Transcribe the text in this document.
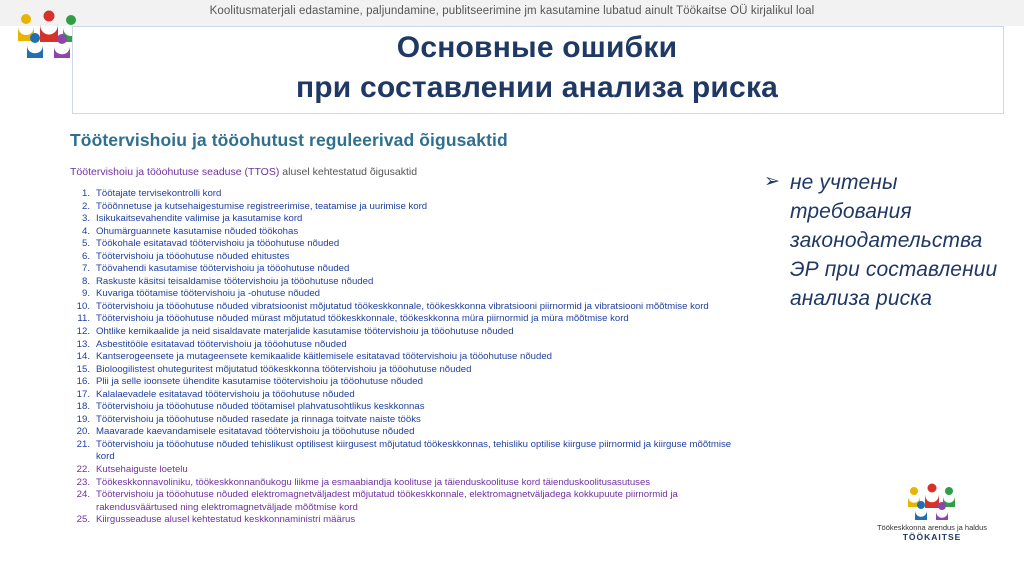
Koolitusmaterjali edastamine, paljundamine, publitseerimine jm kasutamine lubatud ainult Töökaitse OÜ kirjalikul loal
Основные ошибки
при составлении анализа риска
Töötervishoiu ja tööohutust reguleerivad õigusaktid
Töötervishoiu ja tööohutuse seaduse (TTOS) alusel kehtestatud õigusaktid
1. Töötajate tervisekontrolli kord
2. Tööõnnetuse ja kutsehaigestumise registreerimise, teatamise ja uurimise kord
3. Isikukaitsevahendite valimise ja kasutamise kord
4. Ohumärguannete kasutamise nõuded töökohas
5. Töökohale esitatavad töötervishoiu ja tööohutuse nõuded
6. Töötervishoiu ja tööohutuse nõuded ehitustes
7. Töövahendi kasutamise töötervishoiu ja tööohutuse nõuded
8. Raskuste käsitsi teisaldamise töötervishoiu ja tööohutuse nõuded
9. Kuvariga töötamise töötervishoiu ja -ohutuse nõuded
10. Töötervishoiu ja tööohutuse nõuded vibratsioonist mõjutatud töökeskkonnale, töökeskkonna vibratsiooni piirnormid ja vibratsiooni mõõtmise kord
11. Töötervishoiu ja tööohutuse nõuded mürast mõjutatud töökeskkonnale, töökeskkonna müra piirnormid ja müra mõõtmise kord
12. Ohtlike kemikaalide ja neid sisaldavate materjalide kasutamise töötervishoiu ja tööohutuse nõuded
13. Asbestitööle esitatavad töötervishoiu ja tööohutuse nõuded
14. Kantserogeensete ja mutageensete kemikaalide käitlemisele esitatavad töötervishoiu ja tööohutuse nõuded
15. Bioloogilistest ohuteguritest mõjutatud töökeskkonna töötervishoiu ja tööohutuse nõuded
16. Plii ja selle ioonsete ühendite kasutamise töötervishoiu ja tööohutuse nõuded
17. Kalalaevadele esitatavad töötervishoiu ja tööohutuse nõuded
18. Töötervishoiu ja tööohutuse nõuded töötamisel plahvatusohtlikus keskkonnas
19. Töötervishoiu ja tööohutuse nõuded rasedate ja rinnaga toitvate naiste tööks
20. Maavarade kaevandamisele esitatavad töötervishoiu ja tööohutuse nõuded
21. Töötervishoiu ja tööohutuse nõuded tehislikust optilisest kiirgusest mõjutatud töökeskkonnas, tehisliku optilise kiirguse piirnormid ja kiirguse mõõtmise kord
22. Kutsehaiguste loetelu
23. Töökeskkonnavoliniku, töökeskkonnanõukogu liikme ja esmaabiandja koolituse ja täienduskoolituse kord täienduskoolitusasutuses
24. Töötervishoiu ja tööohutuse nõuded elektromagnetväljadest mõjutatud töökeskkonnale, elektromagnetväljadega kokkupuute piirnormid ja rakendusväärtused ning elektromagnetväljade mõõtmise kord
25. Kiirgusseaduse alusel kehtestatud keskkonnaministri määrus
➢ не учтены требования законодательства ЭР при составлении анализа риска
Töökeskkonna arendus ja haldus
TÖÖKAITSE
